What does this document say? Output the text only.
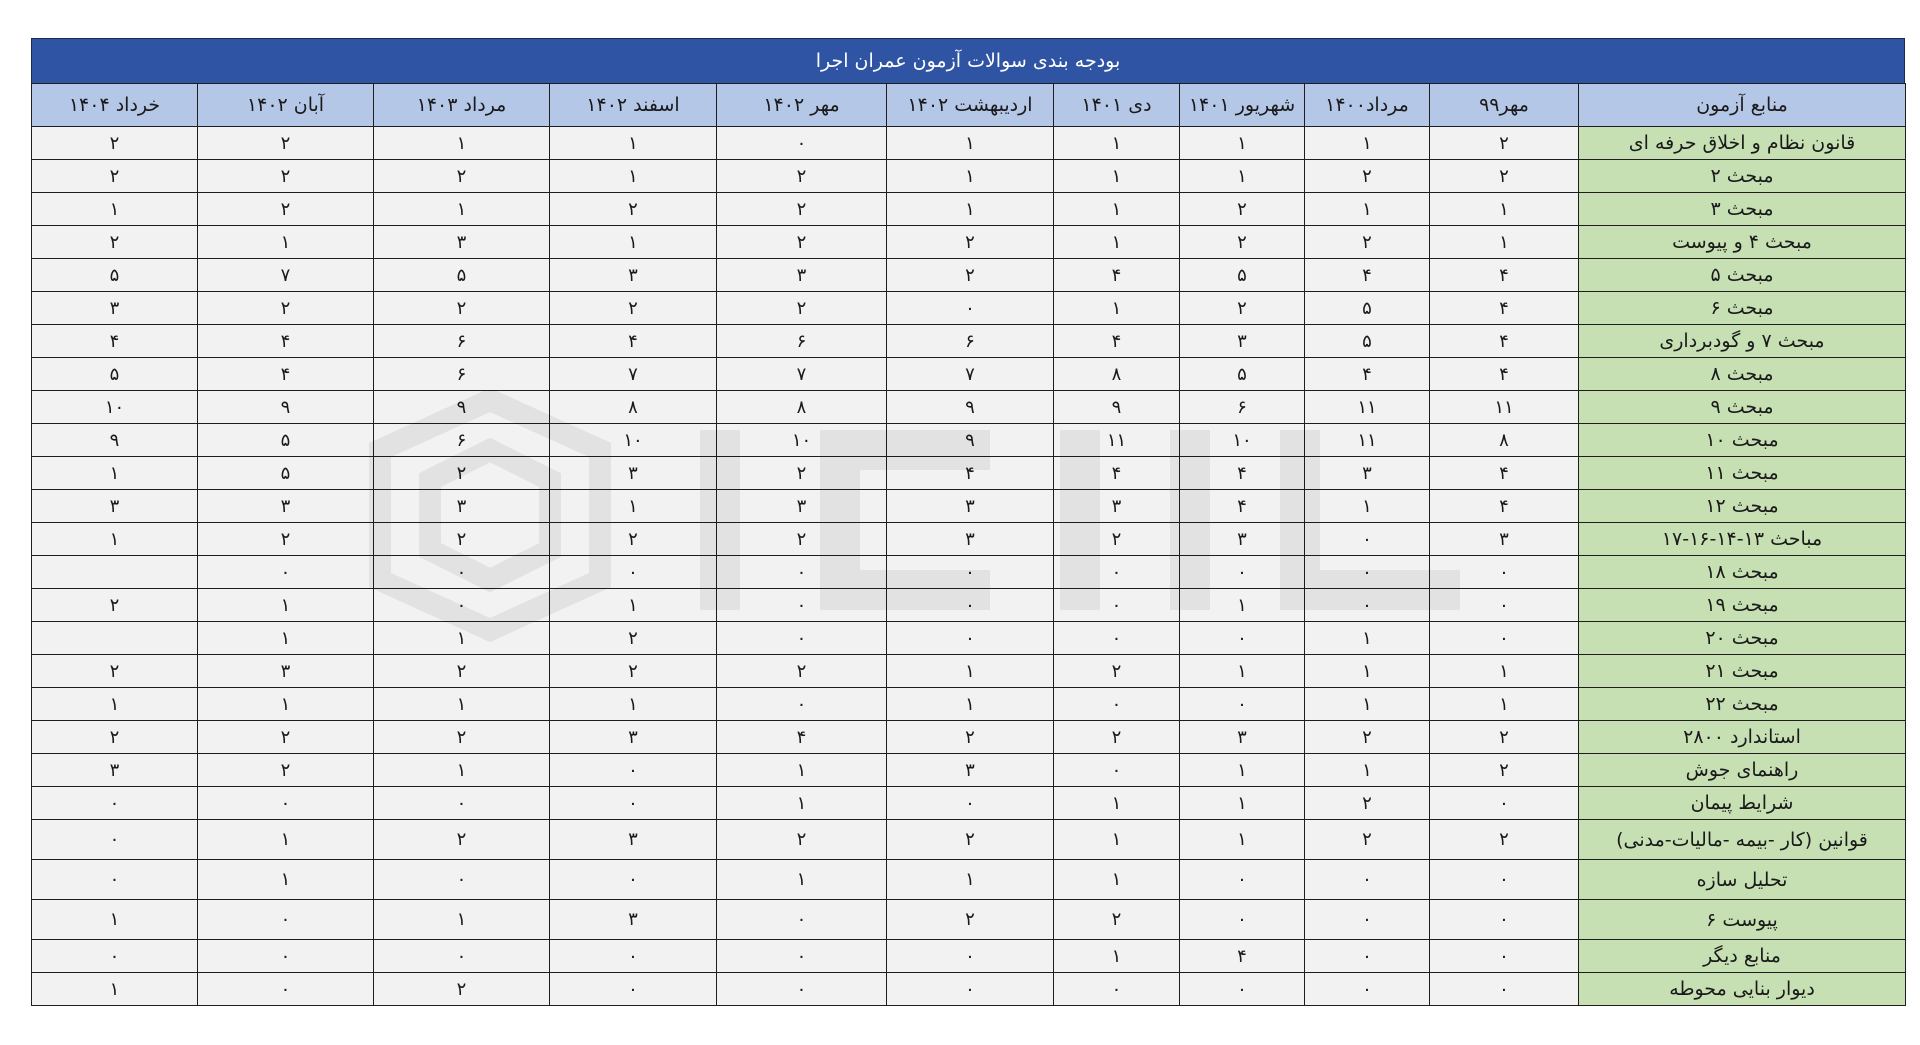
بودجه بندی سوالات آزمون عمران اجرا
منابع آزمون	مهر۹۹	مرداد۱۴۰۰	شهریور ۱۴۰۱	دی ۱۴۰۱	اردیبهشت ۱۴۰۲	مهر ۱۴۰۲	اسفند ۱۴۰۲	مرداد ۱۴۰۳	آبان ۱۴۰۲	خرداد ۱۴۰۴
قانون نظام و اخلاق حرفه ای	۲	۱	۱	۱	۱	۰	۱	۱	۲	۲
مبحث ۲	۲	۲	۱	۱	۱	۲	۱	۲	۲	۲
مبحث ۳	۱	۱	۲	۱	۱	۲	۲	۱	۲	۱
مبحث ۴ و پیوست	۱	۲	۲	۱	۲	۲	۱	۳	۱	۲
مبحث ۵	۴	۴	۵	۴	۲	۳	۳	۵	۷	۵
مبحث ۶	۴	۵	۲	۱	۰	۲	۲	۲	۲	۳
مبحث ۷ و گودبرداری	۴	۵	۳	۴	۶	۶	۴	۶	۴	۴
مبحث ۸	۴	۴	۵	۸	۷	۷	۷	۶	۴	۵
مبحث ۹	۱۱	۱۱	۶	۹	۹	۸	۸	۹	۹	۱۰
مبحث ۱۰	۸	۱۱	۱۰	۱۱	۹	۱۰	۱۰	۶	۵	۹
مبحث ۱۱	۴	۳	۴	۴	۴	۲	۳	۲	۵	۱
مبحث ۱۲	۴	۱	۴	۳	۳	۳	۱	۳	۳	۳
مباحث ۱۳-۱۴-۱۶-۱۷	۳	۰	۳	۲	۳	۲	۲	۲	۲	۱
مبحث ۱۸	۰	۰	۰	۰	۰	۰	۰	۰	۰	
مبحث ۱۹	۰	۰	۱	۰	۰	۰	۱	۰	۱	۲
مبحث ۲۰	۰	۱	۰	۰	۰	۰	۲	۱	۱	
مبحث ۲۱	۱	۱	۱	۲	۱	۲	۲	۲	۳	۲
مبحث ۲۲	۱	۱	۰	۰	۱	۰	۱	۱	۱	۱
استاندارد ۲۸۰۰	۲	۲	۳	۲	۲	۴	۳	۲	۲	۲
راهنمای جوش	۲	۱	۱	۰	۳	۱	۰	۱	۲	۳
شرایط پیمان	۰	۲	۱	۱	۰	۱	۰	۰	۰	۰
قوانین (کار -بیمه -مالیات-مدنی)	۲	۲	۱	۱	۲	۲	۳	۲	۱	۰
تحلیل سازه	۰	۰	۰	۱	۱	۱	۰	۰	۱	۰
پیوست ۶	۰	۰	۰	۲	۲	۰	۳	۱	۰	۱
منابع دیگر	۰	۰	۴	۱	۰	۰	۰	۰	۰	۰
دیوار بنایی محوطه	۰	۰	۰	۰	۰	۰	۰	۲	۰	۱
